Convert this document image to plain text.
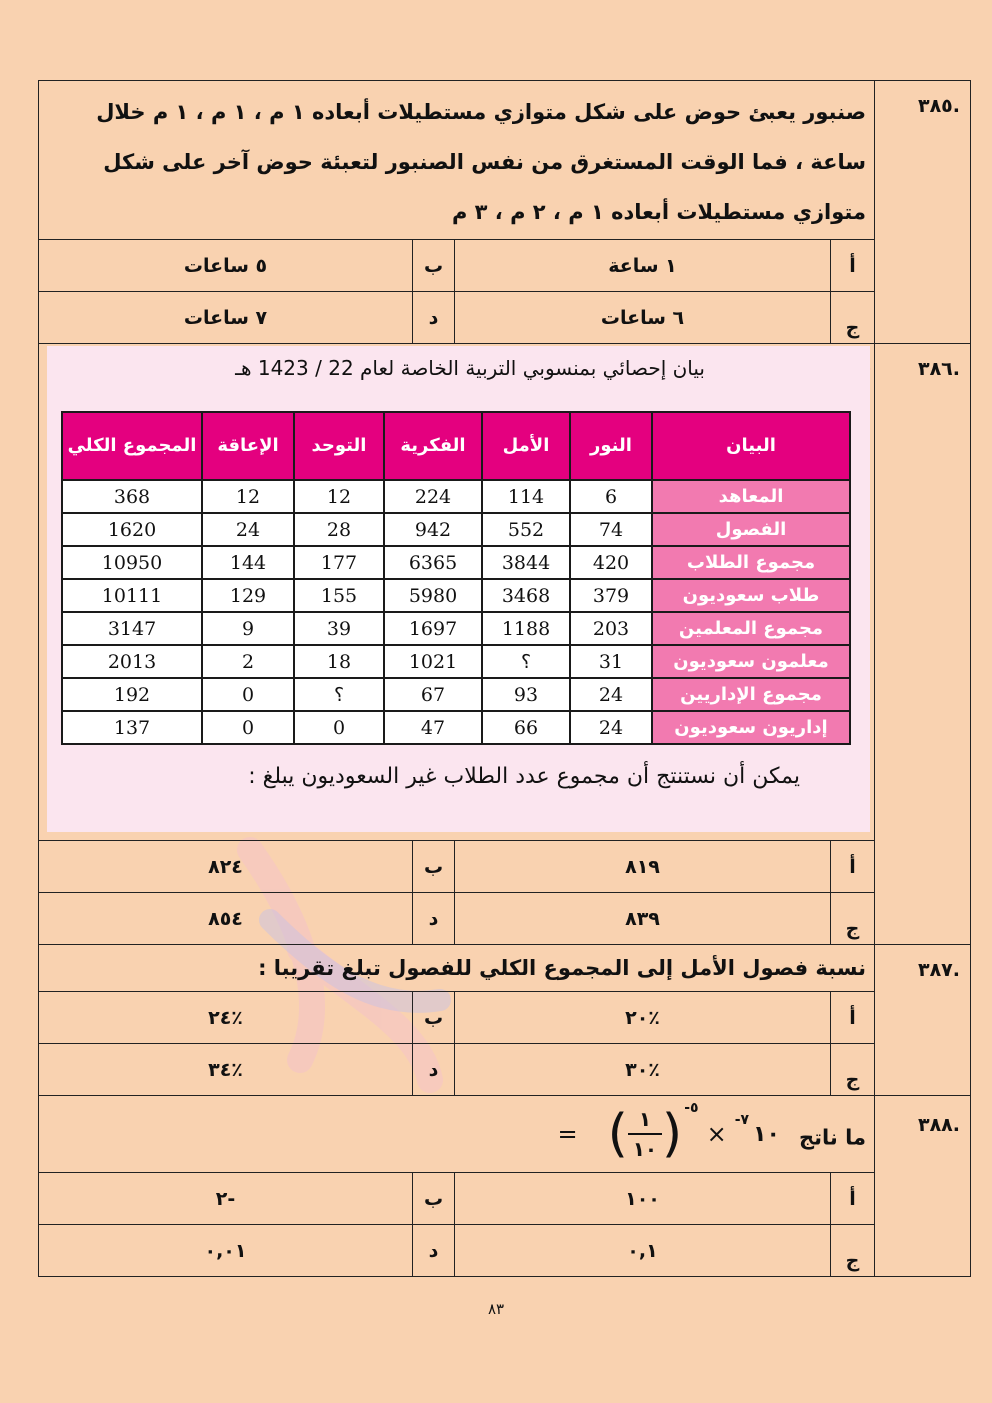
.٣٨٥	صنبور يعبئ حوض على شكل متوازي مستطيلات أبعاده ١ م ، ١ م ، ١ م خلال ساعة ، فما الوقت المستغرق من نفس الصنبور لتعبئة حوض آخر على شكل متوازي مستطيلات أبعاده ١ م ، ٢ م ، ٣ م
أ	١ ساعة	ب	٥ ساعات
ج	٦ ساعات	د	٧ ساعات
.٣٨٦	
بيان إحصائي بمنسوبي التربية الخاصة لعام 22 / 1423 هـ
البيان	النور	الأمل	الفكرية	التوحد	الإعاقة	المجموع الكلي
المعاهد	6	114	224	12	12	368
الفصول	74	552	942	28	24	1620
مجموع الطلاب	420	3844	6365	177	144	10950
طلاب سعوديون	379	3468	5980	155	129	10111
مجموع المعلمين	203	1188	1697	39	9	3147
معلمون سعوديون	31	؟	1021	18	2	2013
مجموع الإداريين	24	93	67	؟	0	192
إداريون سعوديون	24	66	47	0	0	137
يمكن أن نستنتج أن مجموع عدد الطلاب غير السعوديون يبلغ :

أ	٨١٩	ب	٨٢٤
ج	٨٣٩	د	٨٥٤
.٣٨٧	نسبة فصول الأمل إلى المجموع الكلي للفصول تبلغ تقريبا :
أ	٪٢٠	ب	٪٢٤
ج	٪٣٠	د	٪٣٤
.٣٨٨	ما ناتج
= ( $\frac{١}{١٠}$ ) -٥
× -٧
١٠

أ	١٠٠	ب	-٢
ج	٠,١	د	٠,٠١
٨٣
